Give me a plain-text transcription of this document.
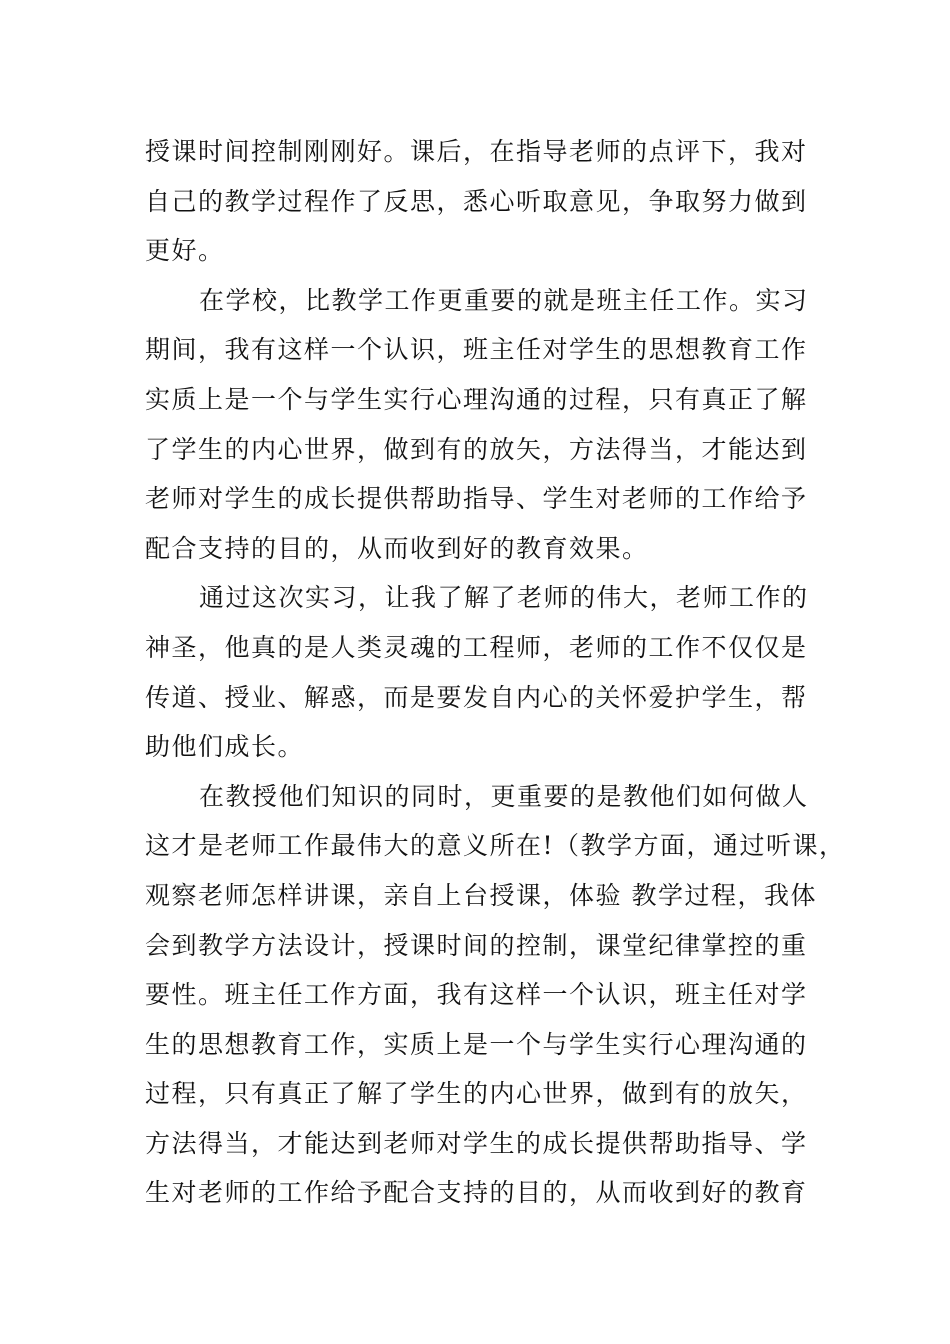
授课时间控制刚刚好。课后，在指导老师的点评下，我对
自己的教学过程作了反思，悉心听取意见，争取努力做到
更好。
在学校，比教学工作更重要的就是班主任工作。实习
期间，我有这样一个认识，班主任对学生的思想教育工作
实质上是一个与学生实行心理沟通的过程，只有真正了解
了学生的内心世界，做到有的放矢，方法得当，才能达到
老师对学生的成长提供帮助指导、学生对老师的工作给予
配合支持的目的，从而收到好的教育效果。
通过这次实习，让我了解了老师的伟大，老师工作的
神圣，他真的是人类灵魂的工程师，老师的工作不仅仅是
传道、授业、解惑，而是要发自内心的关怀爱护学生，帮
助他们成长。
在教授他们知识的同时，更重要的是教他们如何做人
这才是老师工作最伟大的意义所在!（教学方面，通过听课，
观察老师怎样讲课，亲自上台授课，体验 教学过程，我体
会到教学方法设计，授课时间的控制，课堂纪律掌控的重
要性。班主任工作方面，我有这样一个认识，班主任对学
生的思想教育工作，实质上是一个与学生实行心理沟通的
过程，只有真正了解了学生的内心世界，做到有的放矢，
方法得当，才能达到老师对学生的成长提供帮助指导、学
生对老师的工作给予配合支持的目的，从而收到好的教育
